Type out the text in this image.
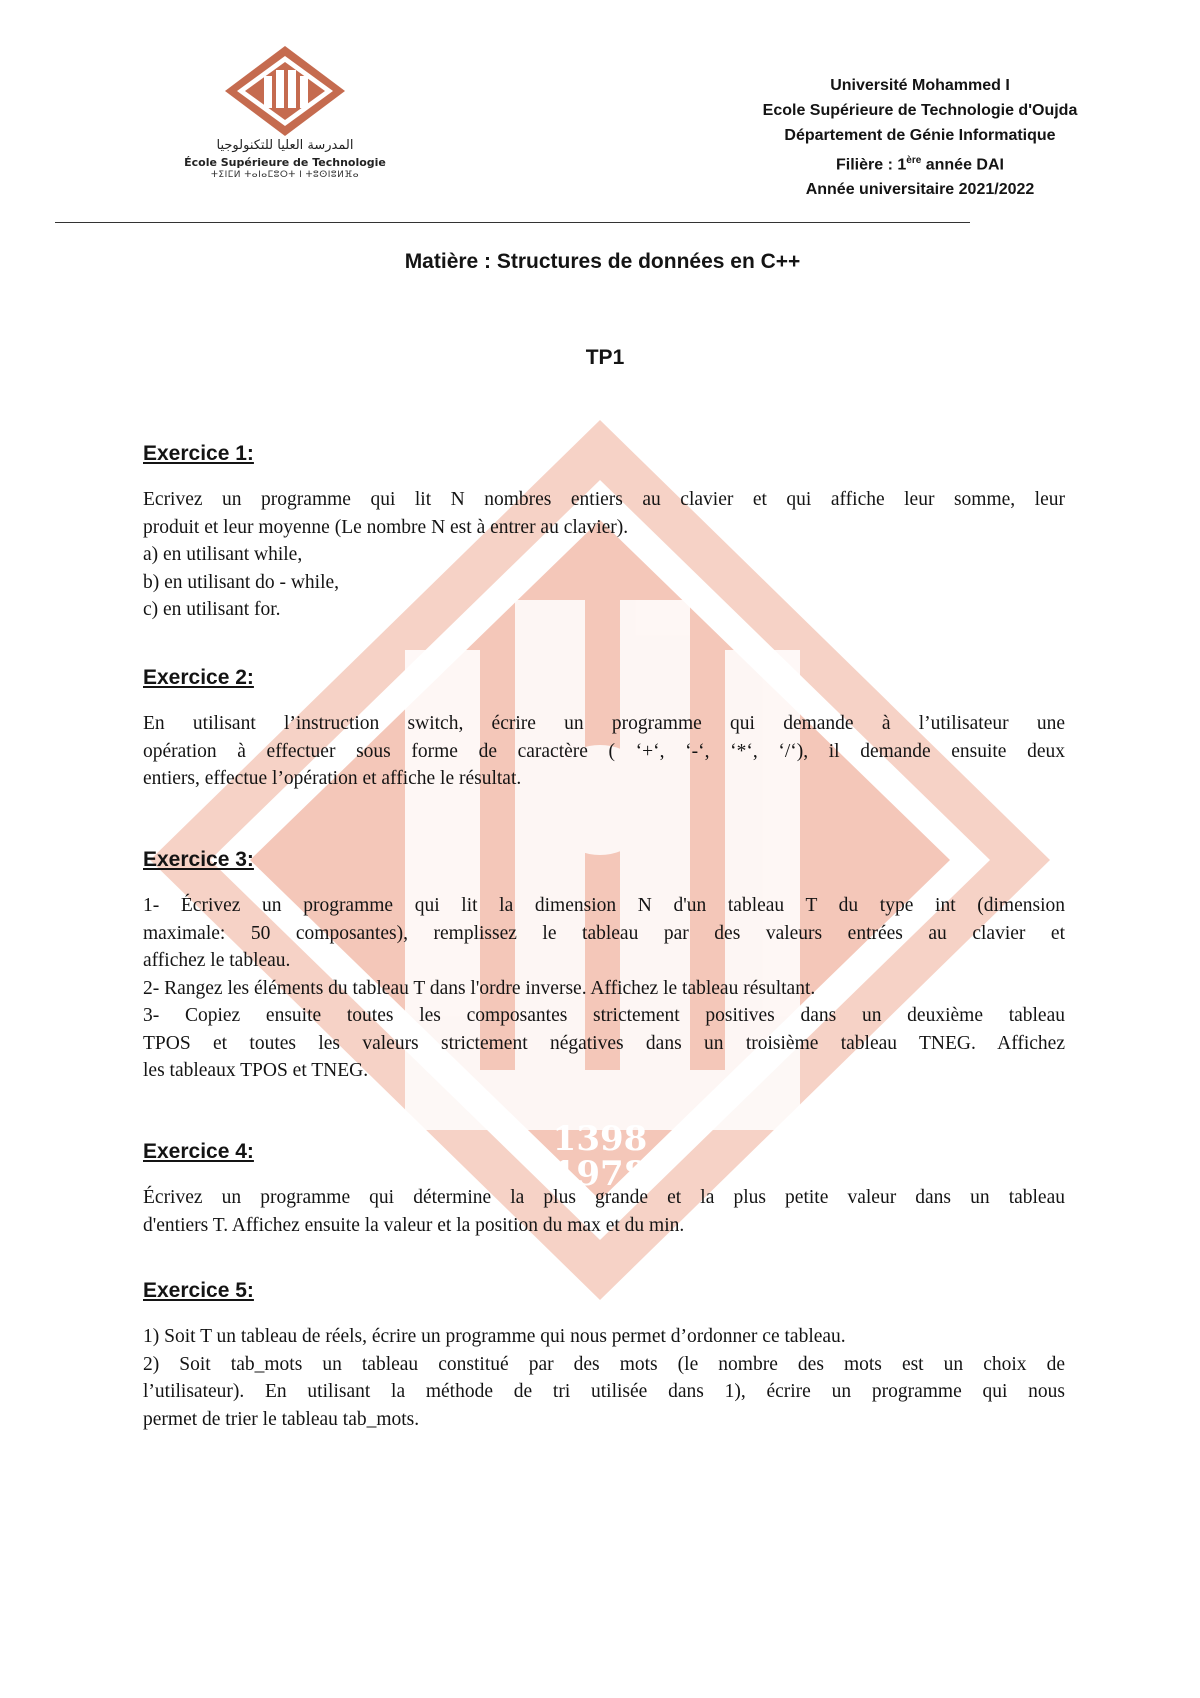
1398
1978
المدرسة العليا للتكنولوجيا
École Supérieure de Technologie
ⵜⵉⵏⵎⵍ ⵜⴰⵏⴰⵎⵓⵔⵜ ⵏ ⵜⵓⵙⵏⵓⵍⴼⴰ
Université Mohammed I
Ecole Supérieure de Technologie d'Oujda
Département de Génie Informatique
Filière : 1ère année DAI
Année universitaire 2021/2022
Matière : Structures de données en C++
TP1
Exercice 1:

Ecrivez un programme qui lit N nombres entiers au clavier et qui affiche leur somme, leur

produit et leur moyenne (Le nombre N est à entrer au clavier).

a) en utilisant while,

b) en utilisant do - while,

c) en utilisant for.

Exercice 2:

En utilisant l’instruction switch, écrire un programme qui demande à l’utilisateur une

opération à effectuer sous forme de caractère ( ‘+‘, ‘-‘, ‘*‘, ‘/‘), il demande ensuite deux

entiers, effectue l’opération et affiche le résultat.

Exercice 3:

1- Écrivez un programme qui lit la dimension N d'un tableau T du type int (dimension

maximale: 50 composantes), remplissez le tableau par des valeurs entrées au clavier et

affichez le tableau.

2- Rangez les éléments du tableau T dans l'ordre inverse. Affichez le tableau résultant.

3- Copiez ensuite toutes les composantes strictement positives dans un deuxième tableau

TPOS et toutes les valeurs strictement négatives dans un troisième tableau TNEG. Affichez

les tableaux TPOS et TNEG.

Exercice 4:

Écrivez un programme qui détermine la plus grande et la plus petite valeur dans un tableau

d'entiers T. Affichez ensuite la valeur et la position du max et du min.

Exercice 5:

1) Soit T un tableau de réels, écrire un programme qui nous permet d’ordonner ce tableau.

2) Soit tab_mots un tableau constitué par des mots (le nombre des mots est un choix de

l’utilisateur). En utilisant la méthode de tri utilisée dans 1), écrire un programme qui nous

permet de trier le tableau tab_mots.
